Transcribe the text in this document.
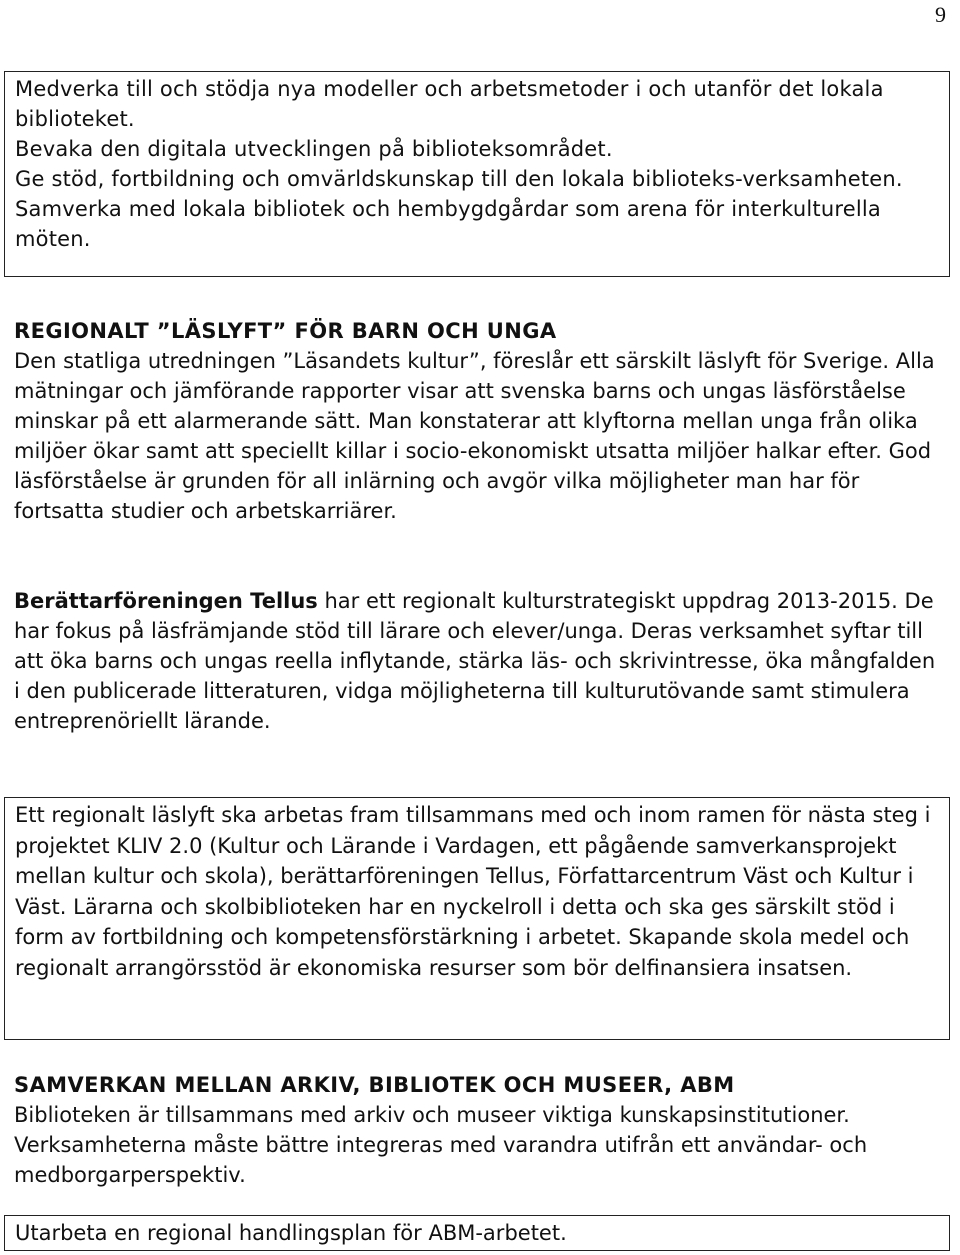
9
Medverka till och stödja nya modeller och arbetsmetoder i och utanför det lokala biblioteket.
Bevaka den digitala utvecklingen på biblioteksområdet.
Ge stöd, fortbildning och omvärldskunskap till den lokala biblioteks-verksamheten.
Samverka med lokala bibliotek och hembygdgårdar som arena för interkulturella möten.
REGIONALT ”LÄSLYFT” FÖR BARN OCH UNGA
Den statliga utredningen ”Läsandets kultur”, föreslår ett särskilt läslyft för Sverige. Alla mätningar och jämförande rapporter visar att svenska barns och ungas läsförståelse minskar på ett alarmerande sätt. Man konstaterar att klyftorna mellan unga från olika miljöer ökar samt att speciellt killar i socio-ekonomiskt utsatta miljöer halkar efter. God läsförståelse är grunden för all inlärning och avgör vilka möjligheter man har för fortsatta studier och arbetskarriärer.
Berättarföreningen Tellus har ett regionalt kulturstrategiskt uppdrag 2013-2015. De har fokus på läsfrämjande stöd till lärare och elever/unga. Deras verksamhet syftar till att öka barns och ungas reella inflytande, stärka läs- och skrivintresse, öka mångfalden i den publicerade litteraturen, vidga möjligheterna till kulturutövande samt stimulera entreprenöriellt lärande.

Ett regionalt läslyft ska arbetas fram tillsammans med och inom ramen för nästa steg i projektet KLIV 2.0 (Kultur och Lärande i Vardagen, ett pågående samverkansprojekt mellan kultur och skola), berättarföreningen Tellus, Författarcentrum Väst och Kultur i Väst. Lärarna och skolbiblioteken har en nyckelroll i detta och ska ges särskilt stöd i form av fortbildning och kompetensförstärkning i arbetet. Skapande skola medel och regionalt arrangörsstöd är ekonomiska resurser som bör delfinansiera insatsen.

SAMVERKAN MELLAN ARKIV, BIBLIOTEK OCH MUSEER, ABM
Biblioteken är tillsammans med arkiv och museer viktiga kunskapsinstitutioner. Verksamheterna måste bättre integreras med varandra utifrån ett användar- och medborgarperspektiv.

Utarbeta en regional handlingsplan för ABM-arbetet.
